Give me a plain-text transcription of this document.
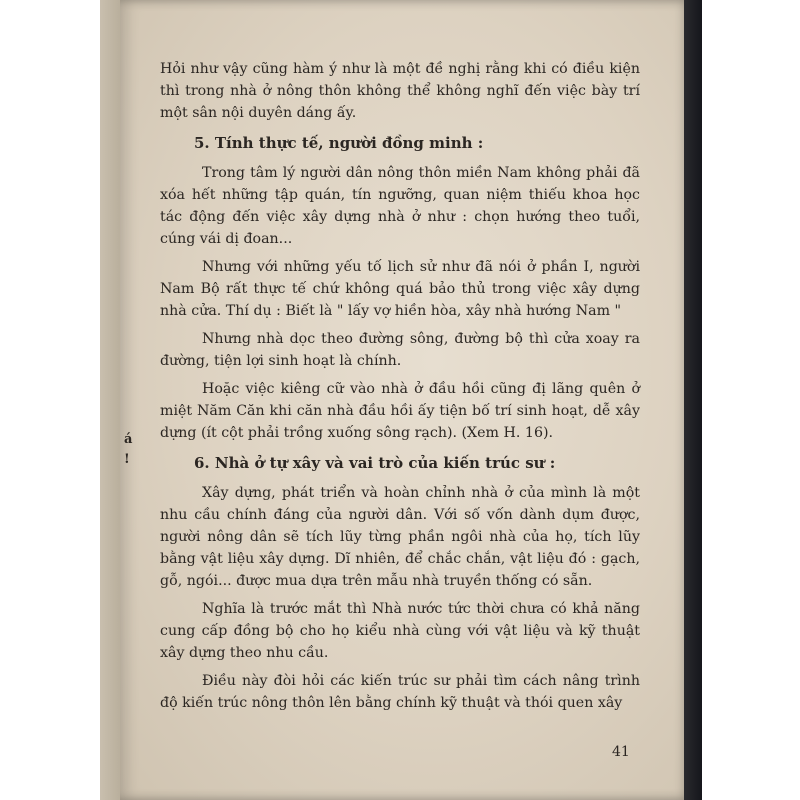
á
!

Hỏi như vậy cũng hàm ý như là một đề nghị rằng khi có điều kiện thì trong nhà ở nông thôn không thể không nghĩ đến việc bày trí một sân nội duyên dáng ấy.

5. Tính thực tế, người đồng minh :

Trong tâm lý người dân nông thôn miền Nam không phải đã xóa hết những tập quán, tín ngưỡng, quan niệm thiếu khoa học tác động đến việc xây dựng nhà ở như : chọn hướng theo tuổi, cúng vái dị đoan...

Nhưng với những yếu tố lịch sử như đã nói ở phần I, người Nam Bộ rất thực tế chứ không quá bảo thủ trong việc xây dựng nhà cửa. Thí dụ : Biết là " lấy vợ hiền hòa, xây nhà hướng Nam "

Nhưng nhà dọc theo đường sông, đường bộ thì cửa xoay ra đường, tiện lợi sinh hoạt là chính.

Hoặc việc kiêng cữ vào nhà ở đầu hồi cũng đị lãng quên ở miệt Năm Căn khi căn nhà đầu hồi ấy tiện bố trí sinh hoạt, dễ xây dựng (ít cột phải trồng xuống sông rạch). (Xem H. 16).

6. Nhà ở tự xây và vai trò của kiến trúc sư :

Xây dựng, phát triển và hoàn chỉnh nhà ở của mình là một nhu cầu chính đáng của người dân. Với số vốn dành dụm được, người nông dân sẽ tích lũy từng phần ngôi nhà của họ, tích lũy bằng vật liệu xây dựng. Dĩ nhiên, để chắc chắn, vật liệu đó : gạch, gỗ, ngói... được mua dựa trên mẫu nhà truyền thống có sẵn.

Nghĩa là trước mắt thì Nhà nước tức thời chưa có khả năng cung cấp đồng bộ cho họ kiểu nhà cùng với vật liệu và kỹ thuật xây dựng theo nhu cầu.

Điều này đòi hỏi các kiến trúc sư phải tìm cách nâng trình độ kiến trúc nông thôn lên bằng chính kỹ thuật và thói quen xây

41
